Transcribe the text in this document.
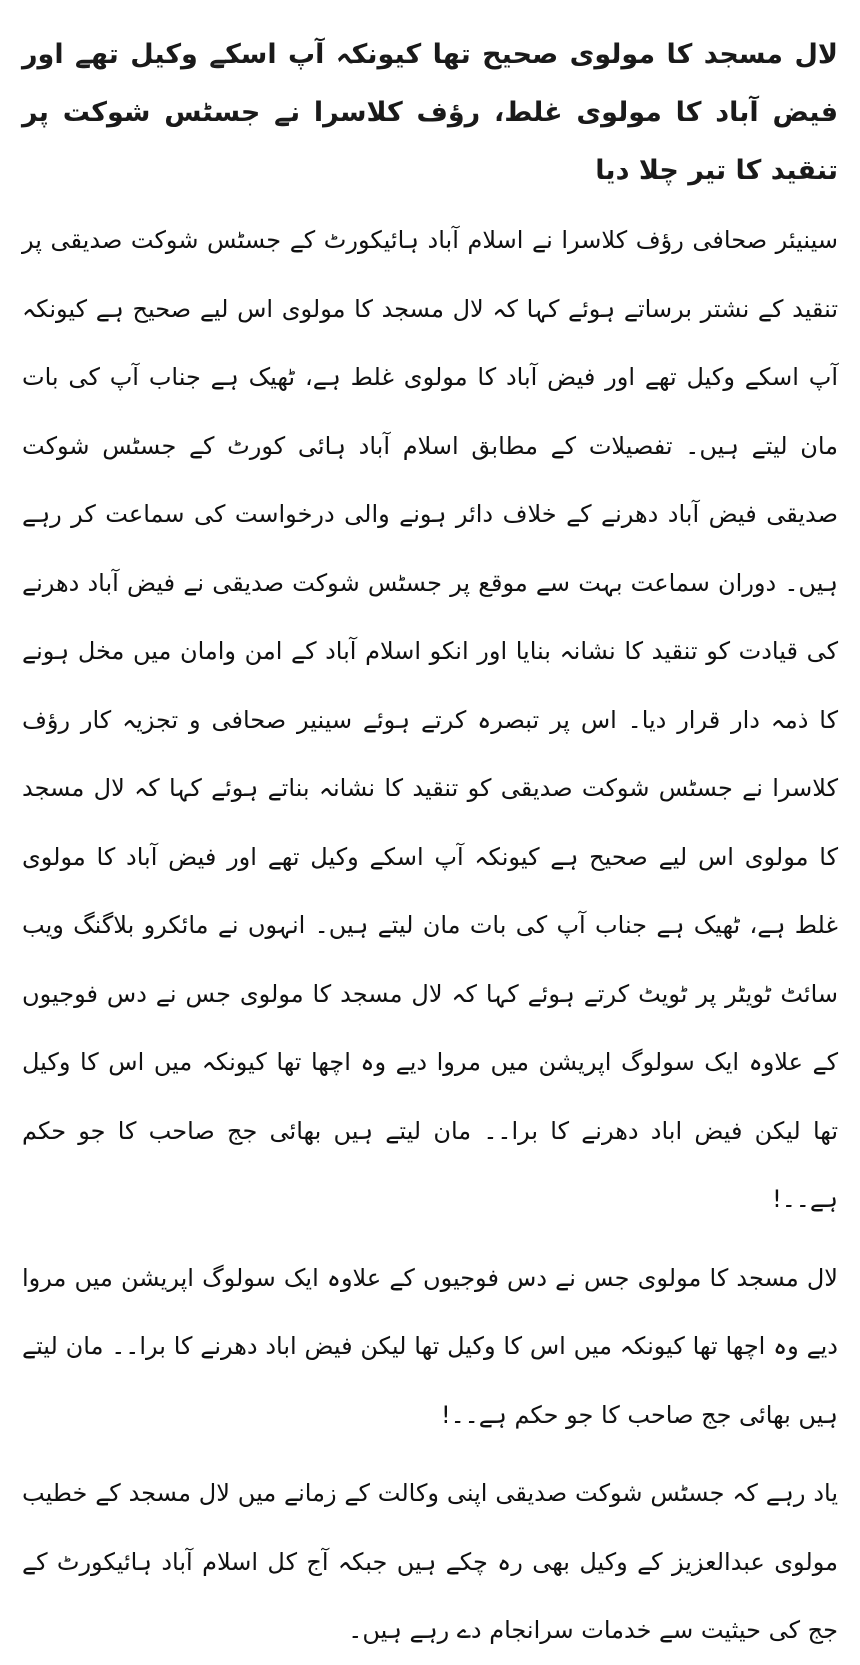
لال مسجد کا مولوی صحیح تھا کیونکہ آپ اسکے وکیل تھے اور فیض آباد کا مولوی غلط، رؤف کلاسرا نے جسٹس شوکت پر تنقید کا تیر چلا دیا

سینیئر صحافی رؤف کلاسرا نے اسلام آباد ہائیکورٹ کے جسٹس شوکت صدیقی پر تنقید کے نشتر برساتے ہوئے کہا کہ لال مسجد کا مولوی اس لیے صحیح ہے کیونکہ آپ اسکے وکیل تھے اور فیض آباد کا مولوی غلط ہے، ٹھیک ہے جناب آپ کی بات مان لیتے ہیں۔ تفصیلات کے مطابق اسلام آباد ہائی کورٹ کے جسٹس شوکت صدیقی فیض آباد دھرنے کے خلاف دائر ہونے والی درخواست کی سماعت کر رہے ہیں۔ دوران سماعت بہت سے موقع پر جسٹس شوکت صدیقی نے فیض آباد دھرنے کی قیادت کو تنقید کا نشانہ بنایا اور انکو اسلام آباد کے امن وامان میں مخل ہونے کا ذمہ دار قرار دیا۔ اس پر تبصرہ کرتے ہوئے سینیر صحافی و تجزیہ کار رؤف کلاسرا نے جسٹس شوکت صدیقی کو تنقید کا نشانہ بناتے ہوئے کہا کہ لال مسجد کا مولوی اس لیے صحیح ہے کیونکہ آپ اسکے وکیل تھے اور فیض آباد کا مولوی غلط ہے، ٹھیک ہے جناب آپ کی بات مان لیتے ہیں۔ انہوں نے مائکرو بلاگنگ ویب سائٹ ٹویٹر پر ٹویٹ کرتے ہوئے کہا کہ لال مسجد کا مولوی جس نے دس فوجیوں کے علاوہ ایک سولوگ اپریشن میں مروا دیے وہ اچھا تھا کیونکہ میں اس کا وکیل تھا لیکن فیض اباد دھرنے کا برا۔۔ مان لیتے ہیں بھائی جج صاحب کا جو حکم ہے۔۔!

لال مسجد کا مولوی جس نے دس فوجیوں کے علاوہ ایک سولوگ اپریشن میں مروا دیے وہ اچھا تھا کیونکہ میں اس کا وکیل تھا لیکن فیض اباد دھرنے کا برا۔۔ مان لیتے ہیں بھائی جج صاحب کا جو حکم ہے۔۔!

یاد رہے کہ جسٹس شوکت صدیقی اپنی وکالت کے زمانے میں لال مسجد کے خطیب مولوی عبدالعزیز کے وکیل بھی رہ چکے ہیں جبکہ آج کل اسلام آباد ہائیکورٹ کے جج کی حیثیت سے خدمات سرانجام دے رہے ہیں۔
